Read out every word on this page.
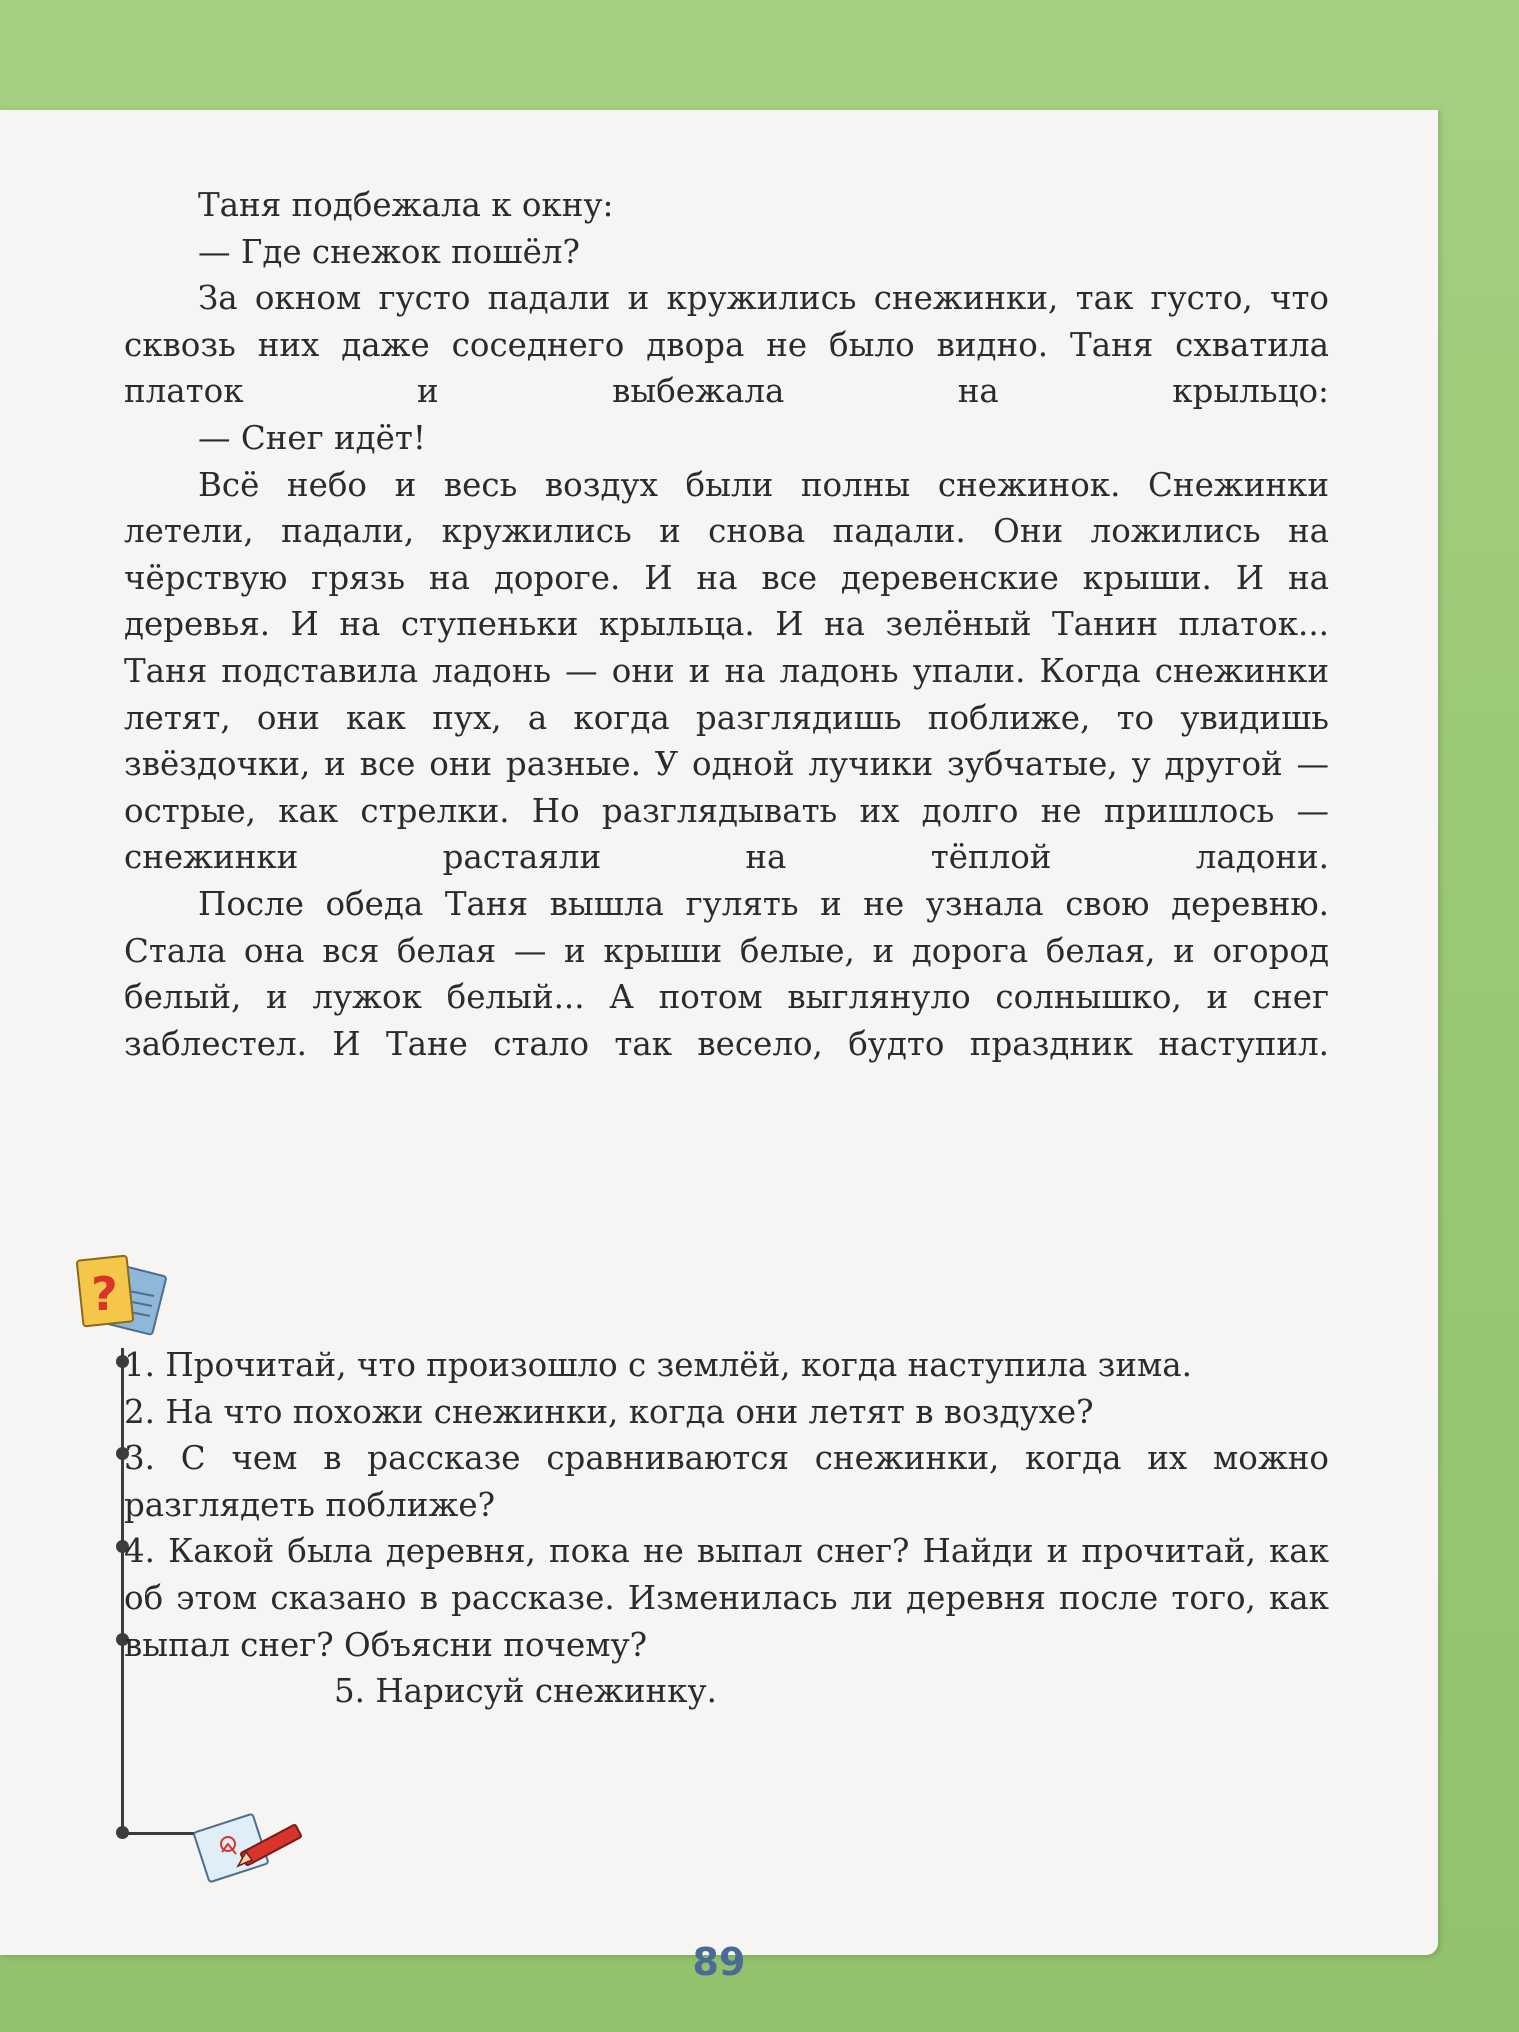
Таня подбежала к окну:

— Где снежок пошёл?

За окном густо падали и кружились снежинки, так густо, что сквозь них даже соседнего двора не было видно. Таня схватила платок и выбежала на крыльцо:

— Снег идёт!

Всё небо и весь воздух были полны снежинок. Снежинки летели, падали, кружились и снова падали. Они ложились на чёрствую грязь на дороге. И на все деревенские крыши. И на деревья. И на ступеньки крыльца. И на зелёный Танин платок... Таня подставила ладонь — они и на ладонь упали. Когда снежинки летят, они как пух, а когда разглядишь поближе, то увидишь звёздочки, и все они разные. У одной лучики зубчатые, у другой — острые, как стрелки. Но разглядывать их долго не пришлось — снежинки растаяли на тёплой ладони.

После обеда Таня вышла гулять и не узнала свою деревню. Стала она вся белая — и крыши белые, и дорога белая, и огород белый, и лужок белый... А потом выглянуло солнышко, и снег заблестел. И Тане стало так весело, будто праздник наступил.

?

1. Прочитай, что произошло с землёй, когда наступила зима.

2. На что похожи снежинки, когда они летят в воздухе?

3. С чем в рассказе сравниваются снежинки, когда их можно разглядеть поближе?

4. Какой была деревня, пока не выпал снег? Найди и прочитай, как об этом сказано в рассказе. Изменилась ли деревня после того, как выпал снег? Объясни почему?

5. Нарисуй снежинку.

89
